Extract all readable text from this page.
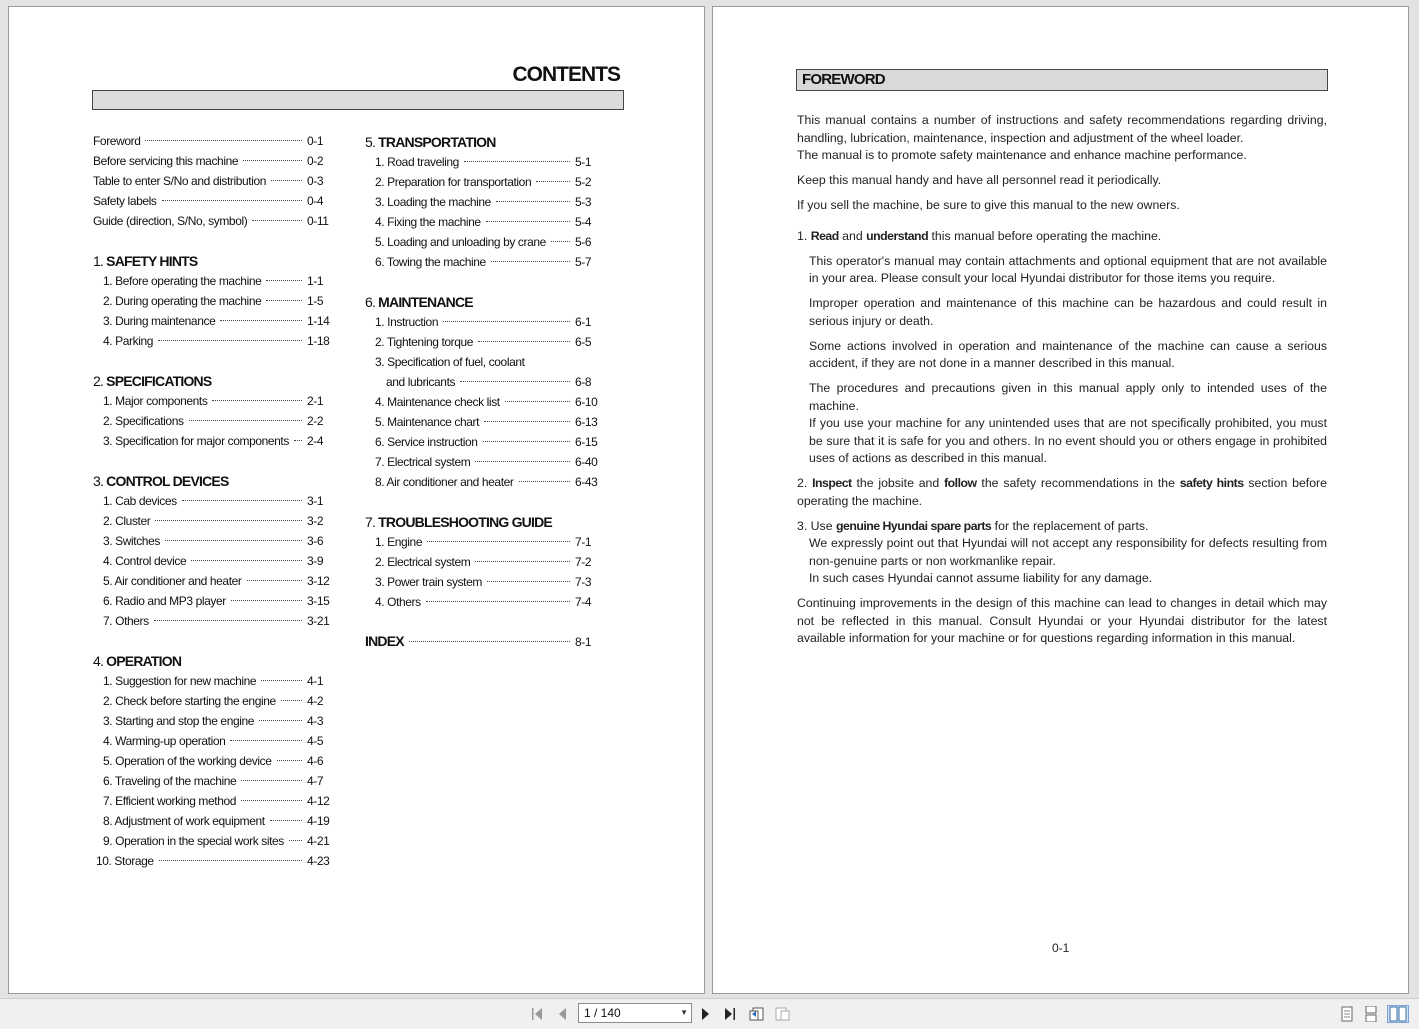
CONTENTS
Foreword	0-1
Before servicing this machine	0-2
Table to enter S/No and distribution	0-3
Safety labels	0-4
Guide (direction, S/No, symbol)	0-11
1. SAFETY HINTS
1. Before operating the machine	1-1
2. During operating the machine	1-5
3. During maintenance	1-14
4. Parking	1-18
2. SPECIFICATIONS
1. Major components	2-1
2. Specifications	2-2
3. Specification for major components 2-4
3. CONTROL DEVICES
1. Cab devices	3-1
2. Cluster	3-2
3. Switches	3-6
4. Control device	3-9
5. Air conditioner and heater	3-12
6. Radio and MP3 player	3-15
7. Others	3-21
4. OPERATION
1. Suggestion for new machine	4-1
2. Check before starting the engine	4-2
3. Starting and stop the engine	4-3
4. Warming-up operation	4-5
5. Operation of the working device	4-6
6. Traveling of the machine	4-7
7. Efficient working method	4-12
8. Adjustment of work equipment	4-19
9. Operation in the special work sites 4-21
10. Storage	4-23
5. TRANSPORTATION
1. Road traveling	5-1
2. Preparation for transportation	5-2
3. Loading the machine	5-3
4. Fixing the machine	5-4
5. Loading and unloading by crane 5-6
6. Towing the machine	5-7
6. MAINTENANCE
1. Instruction	6-1
2. Tightening torque	6-5
3. Specification of fuel, coolant
and lubricants	6-8
4. Maintenance check list	6-10
5. Maintenance chart	6-13
6. Service instruction	6-15
7. Electrical system	6-40
8. Air conditioner and heater	6-43
7. TROUBLESHOOTING GUIDE
1. Engine	7-1
2. Electrical system	7-2
3. Power train system	7-3
4. Others	7-4
INDEX	8-1
FOREWORD

This manual contains a number of instructions and safety recommendations regarding driving, handling, lubrication, maintenance, inspection and adjustment of the wheel loader.
The manual is to promote safety maintenance and enhance machine performance.

Keep this manual handy and have all personnel read it periodically.

If you sell the machine, be sure to give this manual to the new owners.

1. Read and understand this manual before operating the machine.

This operator's manual may contain attachments and optional equipment that are not available in your area. Please consult your local Hyundai distributor for those items you require.

Improper operation and maintenance of this machine can be hazardous and could result in serious injury or death.

Some actions involved in operation and maintenance of the machine can cause a serious accident, if they are not done in a manner described in this manual.

The procedures and precautions given in this manual apply only to intended uses of the machine.
If you use your machine for any unintended uses that are not specifically prohibited, you must be sure that it is safe for you and others. In no event should you or others engage in prohibited uses of actions as described in this manual.

2. Inspect the jobsite and follow the safety recommendations in the safety hints section before operating the machine.

3. Use genuine Hyundai spare parts for the replacement of parts.

We expressly point out that Hyundai will not accept any responsibility for defects resulting from non-genuine parts or non workmanlike repair.
In such cases Hyundai cannot assume liability for any damage.

Continuing improvements in the design of this machine can lead to changes in detail which may not be reflected in this manual. Consult Hyundai or your Hyundai distributor for the latest available information for your machine or for questions regarding information in this manual.

0-1
1 / 140	▼
